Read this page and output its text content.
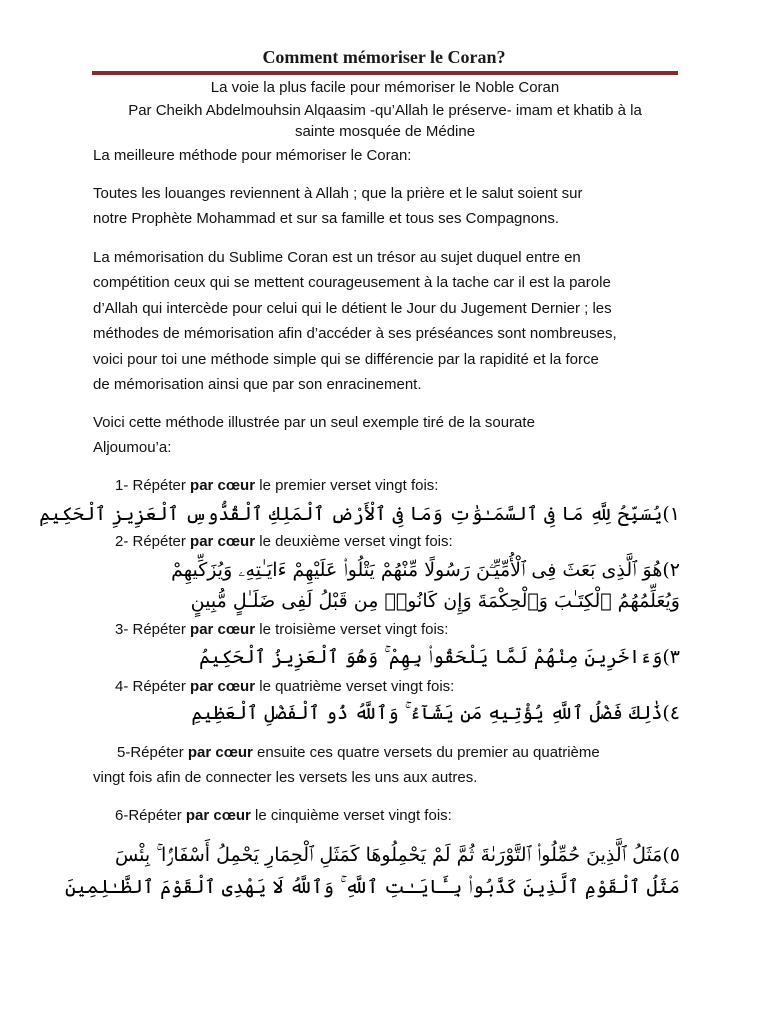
Comment mémoriser le Coran?
La voie la plus facile pour mémoriser le Noble Coran
Par Cheikh Abdelmouhsin Alqaasim -qu’Allah le préserve- imam et khatib à la
sainte mosquée de Médine
La meilleure méthode pour mémoriser le Coran:
Toutes les louanges reviennent à Allah ; que la prière et le salut soient sur
notre Prophète Mohammad et sur sa famille et tous ses Compagnons.
La mémorisation du Sublime Coran est un trésor au sujet duquel entre en
compétition ceux qui se mettent courageusement à la tache car il est la parole
d’Allah qui intercède pour celui qui le détient le Jour du Jugement Dernier ; les
méthodes de mémorisation afin d’accéder à ses préséances sont nombreuses,
voici pour toi une méthode simple qui se différencie par la rapidité et la force
de mémorisation ainsi que par son enracinement.
Voici cette méthode illustrée par un seul exemple tiré de la sourate
Aljoumou’a:
1- Répéter par cœur le premier verset vingt fois:
١)يُسَبِّحُ لِلَّهِ مَا فِى ٱلسَّمَـٰوَٰتِ وَمَا فِى ٱلْأَرْضِ ٱلْمَلِكِ ٱلْقُدُّوسِ ٱلْعَزِيزِ ٱلْحَكِيمِ
2- Répéter par cœur le deuxième verset vingt fois:
٢)هُوَ ٱلَّذِى بَعَثَ فِى ٱلْأُمِّيِّـۧنَ رَسُولًا مِّنْهُمْ يَتْلُوا۟ عَلَيْهِمْ ءَايَـٰتِهِۦ وَيُزَكِّيهِمْ
وَيُعَلِّمُهُمُ ٱلْكِتَـٰبَ وَٱلْحِكْمَةَ وَإِن كَانُوا۟ مِن قَبْلُ لَفِى ضَلَـٰلٍ مُّبِينٍ
3- Répéter par cœur le troisième verset vingt fois:
٣)وَءَاخَرِينَ مِنْهُمْ لَمَّا يَلْحَقُوا۟ بِهِمْ ۚ وَهُوَ ٱلْعَزِيزُ ٱلْحَكِيمُ
4- Répéter par cœur le quatrième verset vingt fois:
٤)ذَٰلِكَ فَضْلُ ٱللَّهِ يُؤْتِيهِ مَن يَشَآءُ ۚ وَٱللَّهُ ذُو ٱلْفَضْلِ ٱلْعَظِيمِ
5-Répéter par cœur ensuite ces quatre versets du premier au quatrième
vingt fois afin de connecter les versets les uns aux autres.
6-Répéter par cœur le cinquième verset vingt fois:
٥)مَثَلُ ٱلَّذِينَ حُمِّلُوا۟ ٱلتَّوْرَىٰةَ ثُمَّ لَمْ يَحْمِلُوهَا كَمَثَلِ ٱلْحِمَارِ يَحْمِلُ أَسْفَارًۢا ۚ بِئْسَ
مَثَلُ ٱلْقَوْمِ ٱلَّذِينَ كَذَّبُوا۟ بِـَٔايَـٰتِ ٱللَّهِ ۚ وَٱللَّهُ لَا يَهْدِى ٱلْقَوْمَ ٱلظَّـٰلِمِينَ
